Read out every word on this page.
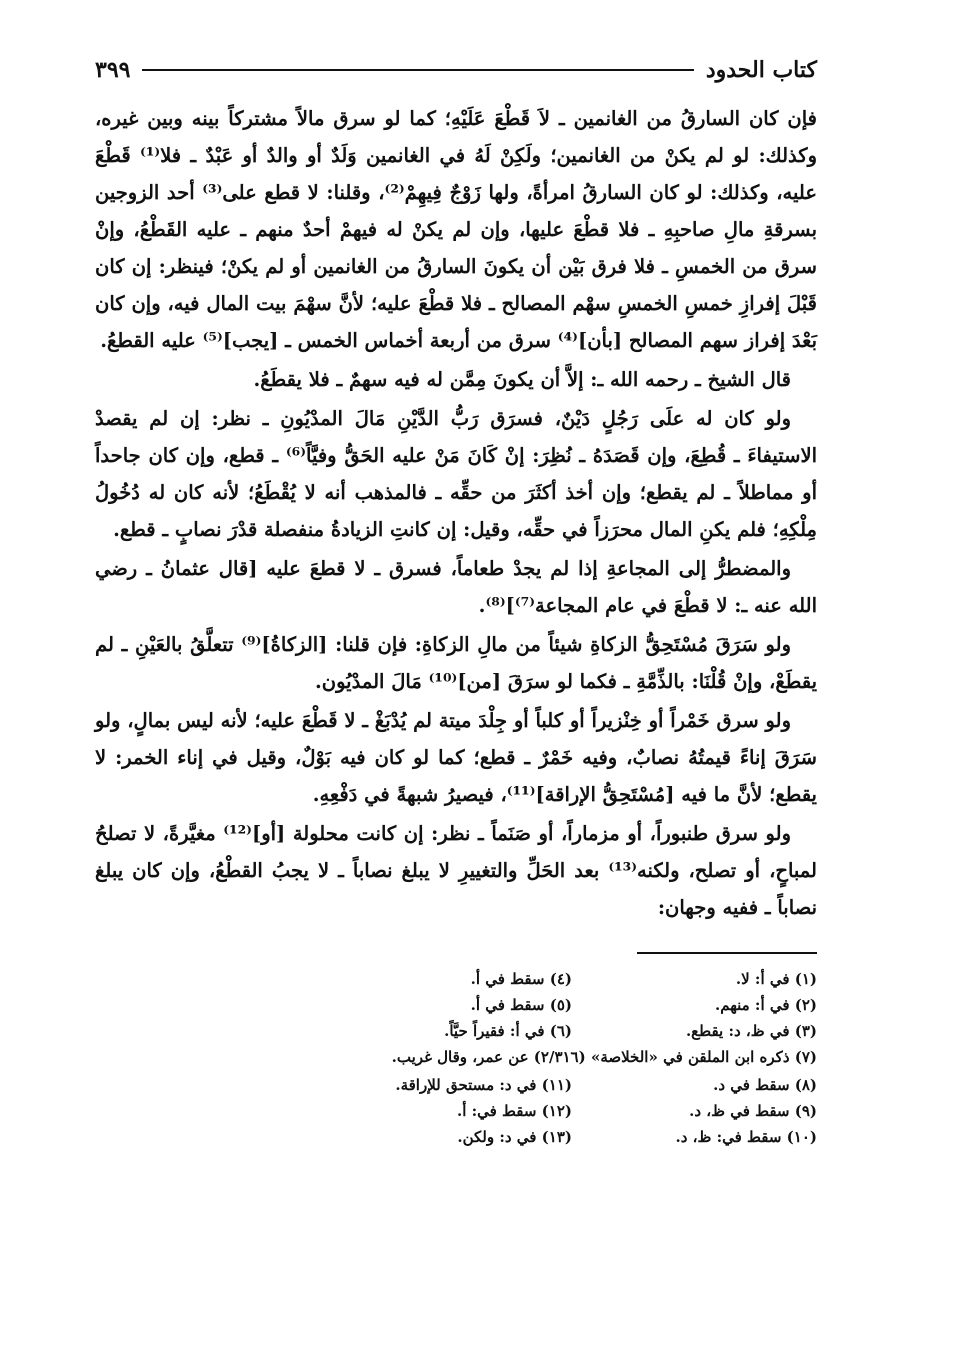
كتاب الحدود
٣٩٩

فإن كان السارقُ من الغانمين ـ لاَ قَطْعَ عَلَيْهِ؛ كما لو سرق مالاً مشتركاً بينه وبين غيره، وكذلك: لو لم يكنْ من الغانمين؛ ولَكِنْ لَهُ في الغانمين وَلَدٌ أو والدٌ أو عَبْدٌ ـ فلا⁽¹⁾ قَطْعَ عليه، وكذلك: لو كان السارقُ امرأةً، ولها زَوْجٌ فِيهِمْ⁽²⁾، وقلنا: لا قطع على⁽³⁾ أحد الزوجين بسرقةِ مالِ صاحبِهِ ـ فلا قطْعَ عليها، وإن لم يكنْ له فيهمْ أحدٌ منهم ـ عليه القَطْعُ، وإنْ سرق من الخمسِ ـ فلا فرق بَيْن أن يكونَ السارقُ من الغانمين أو لم يكنْ؛ فينظر: إن كان قَبْلَ إفرازِ خمسِ الخمسِ سهْم المصالح ـ فلا قطْعَ عليه؛ لأنَّ سهْمَ بيت المال فيه، وإن كان بَعْدَ إفراز سهم المصالح [بأن]⁽⁴⁾ سرق من أربعة أخماس الخمس ـ [يجب]⁽⁵⁾ عليه القطعُ.

قال الشيخ ـ رحمه الله ـ: إلاَّ أن يكونَ مِمَّن له فيه سهمٌ ـ فلا يقطَعُ.

ولو كان له علَى رَجُلٍ دَيْنٌ، فسرَق رَبُّ الدَّيْنِ مَالَ المدْيُونِ ـ نظر: إن لم يقصدْ الاستيفاءَ ـ قُطِعَ، وإن قَصَدَهُ ـ نُظِرَ: إنْ كَانَ مَنْ عليه الحَقُّ وفيَّاً⁽⁶⁾ ـ قطع، وإن كان جاحداً أو مماطلاً ـ لم يقطع؛ وإن أخذ أكثَرَ من حقِّه ـ فالمذهب أنه لا يُقْطَعُ؛ لأنه كان له دُخُولُ مِلْكِهِ؛ فلم يكنِ المال محرَزاً في حقِّه، وقيل: إن كانتِ الزيادةُ منفصلة قدْرَ نصابٍ ـ قطع.

والمضطرُّ إلى المجاعةِ إذا لم يجدْ طعاماً، فسرق ـ لا قطعَ عليه [قال عثمانُ ـ رضي الله عنه ـ: لا قطْعَ في عام المجاعة⁽⁷⁾]⁽⁸⁾.

ولو سَرَقَ مُسْتَحِقُّ الزكاةِ شيئاً من مالِ الزكاةِ: فإن قلنا: [الزكاةُ]⁽⁹⁾ تتعلَّقُ بالعَيْنِ ـ لم يقطَعْ، وإنْ قُلْنَا: بالذِّمَّةِ ـ فكما لو سرَقَ [من]⁽¹⁰⁾ مَالَ المدْيُون.

ولو سرق خَمْراً أو خِنْزيراً أو كلباً أو جِلْدَ ميتة لم يُدْبَغْ ـ لا قَطْعَ عليه؛ لأنه ليس بمالٍ، ولو سَرَقَ إناءً قيمتُهُ نصابٌ، وفيه خَمْرٌ ـ قطع؛ كما لو كان فيه بَوْلٌ، وقيل في إناء الخمر: لا يقطع؛ لأنَّ ما فيه [مُسْتَحِقُّ الإراقة]⁽¹¹⁾، فيصيرُ شبهةً في دَفْعِهِ.

ولو سرق طنبوراً، أو مزماراً، أو صَنَماً ـ نظر: إن كانت محلولة [أو]⁽¹²⁾ مغيَّرةً، لا تصلحُ لمباحٍ، أو تصلح، ولكنه⁽¹³⁾ بعد الحَلِّ والتغييرِ لا يبلغ نصاباً ـ لا يجبُ القطْعُ، وإن كان يبلغ نصاباً ـ ففيه وجهان:

(١) في أ: لا.
(٢) في أ: منهم.
(٣) في ظ، د: يقطع.
(٤) سقط في أ.
(٥) سقط في أ.
(٦) في أ: فقيراً حيَّاً.
(٧) ذكره ابن الملقن في «الخلاصة» (٢/٣١٦) عن عمر، وقال غريب.
(٨) سقط في د.
(٩) سقط في ظ، د.
(١٠) سقط في: ظ، د.
(١١) في د: مستحق للإراقة.
(١٢) سقط في: أ.
(١٣) في د: ولكن.
